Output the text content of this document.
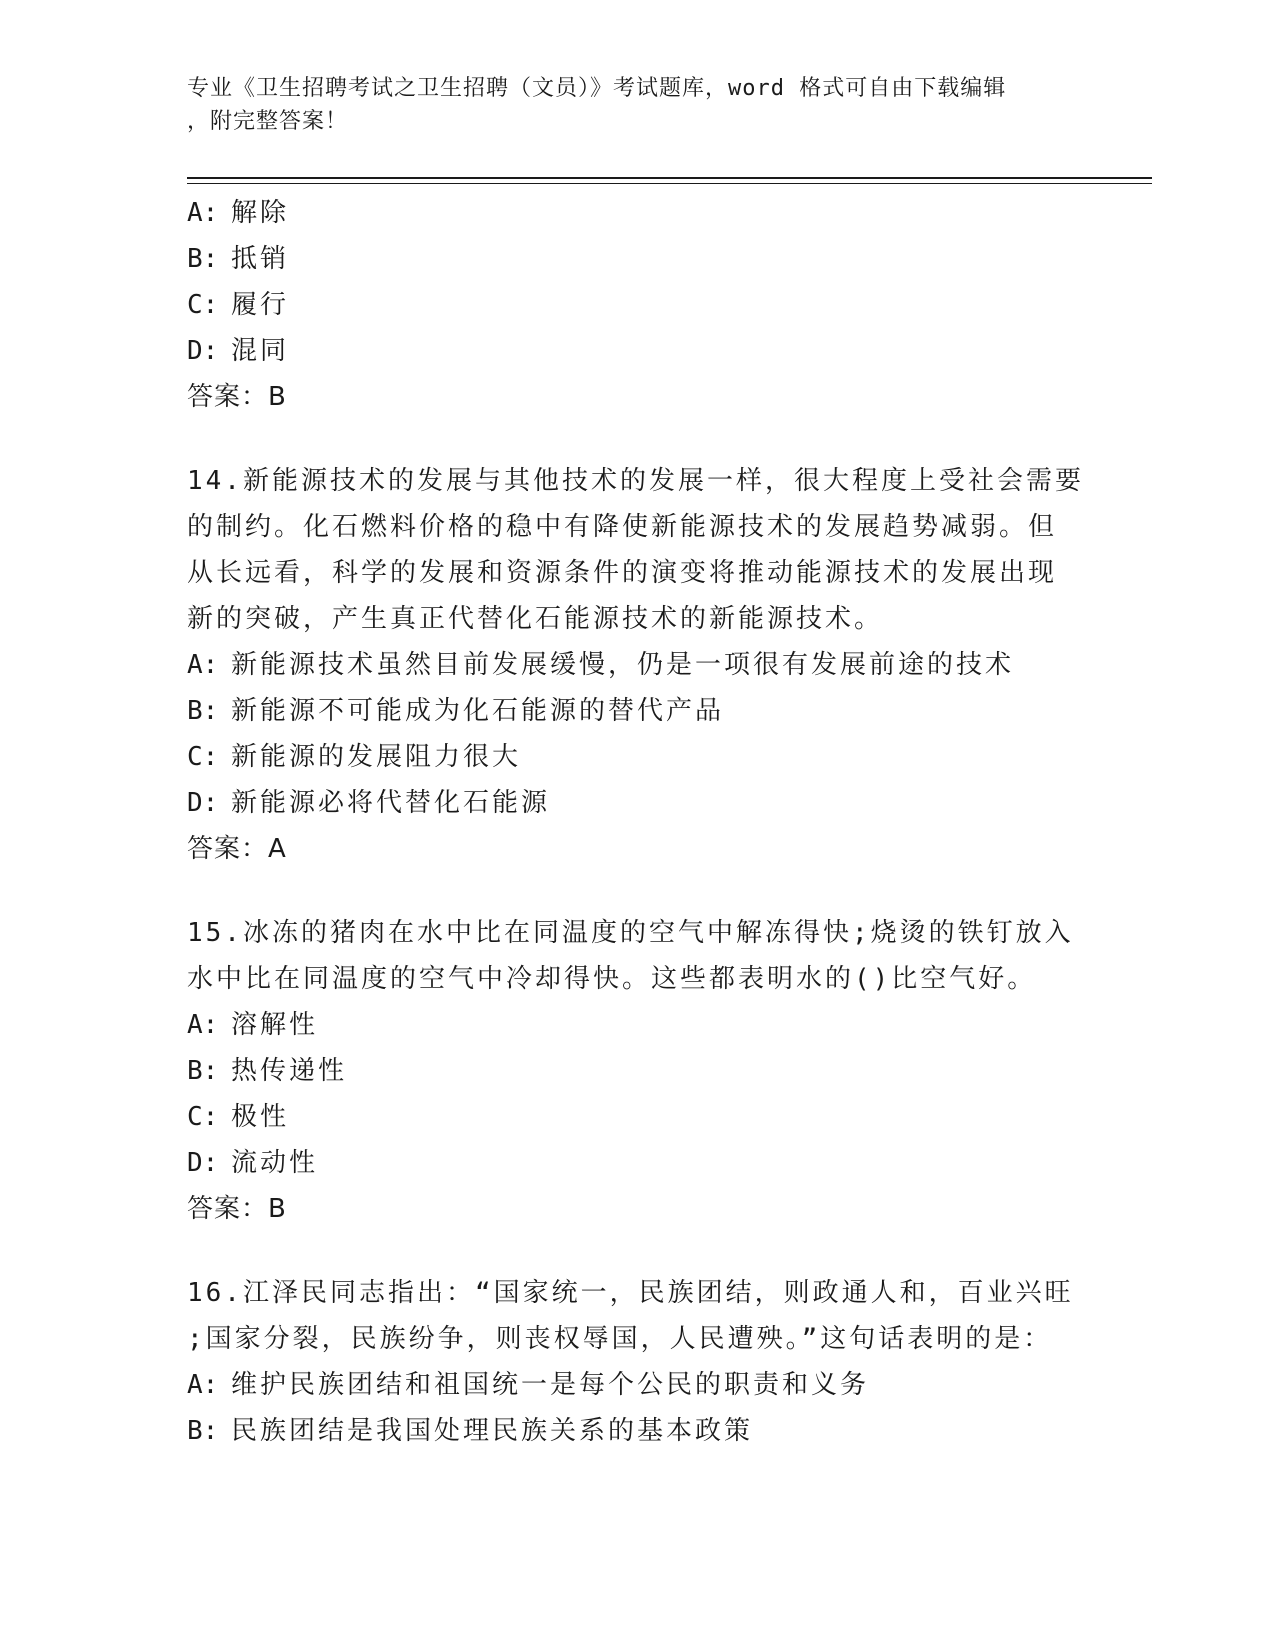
专业《卫生招聘考试之卫生招聘（文员）》考试题库，word 格式可自由下载编辑
，附完整答案！
A: 解除
B: 抵销
C: 履行
D: 混同
答案：B
14.新能源技术的发展与其他技术的发展一样，很大程度上受社会需要
的制约。化石燃料价格的稳中有降使新能源技术的发展趋势减弱。但
从长远看，科学的发展和资源条件的演变将推动能源技术的发展出现
新的突破，产生真正代替化石能源技术的新能源技术。
A: 新能源技术虽然目前发展缓慢，仍是一项很有发展前途的技术
B: 新能源不可能成为化石能源的替代产品
C: 新能源的发展阻力很大
D: 新能源必将代替化石能源
答案：A
15.冰冻的猪肉在水中比在同温度的空气中解冻得快;烧烫的铁钉放入
水中比在同温度的空气中冷却得快。这些都表明水的()比空气好。
A: 溶解性
B: 热传递性
C: 极性
D: 流动性
答案：B
16.江泽民同志指出：“国家统一，民族团结，则政通人和，百业兴旺
;国家分裂，民族纷争，则丧权辱国，人民遭殃。”这句话表明的是：
A: 维护民族团结和祖国统一是每个公民的职责和义务
B: 民族团结是我国处理民族关系的基本政策
